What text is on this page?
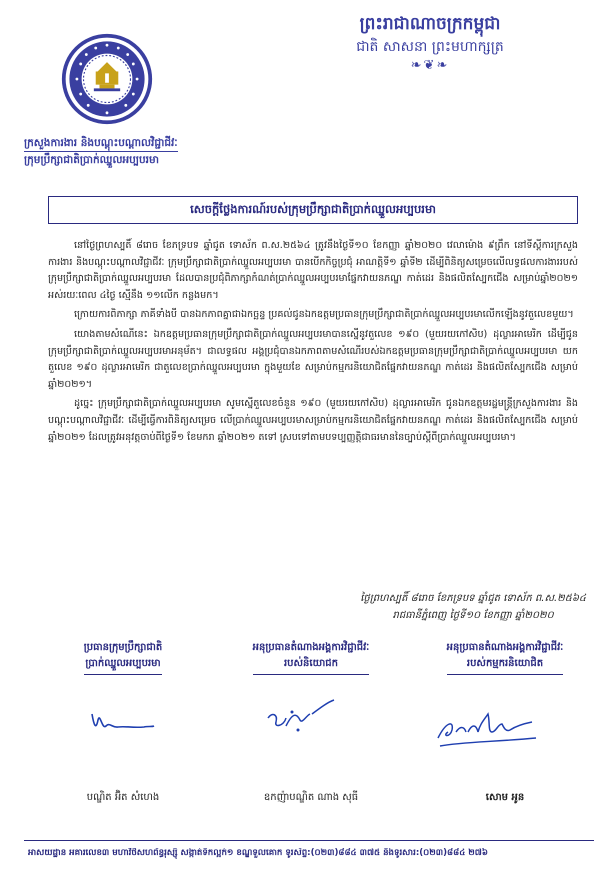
ព្រះរាជាណាចក្រកម្ពុជា
ជាតិ សាសនា ព្រះមហាក្សត្រ
❧❦❧
ក្រសួងការងារ និងបណ្តុះបណ្តាលវិជ្ជាជីវៈ
ក្រុមប្រឹក្សាជាតិប្រាក់ឈ្នួលអប្បបរមា
សេចក្តីថ្លែងការណ៍របស់ក្រុមប្រឹក្សាជាតិប្រាក់ឈ្នួលអប្បបរមា

នៅថ្ងៃព្រហស្បតិ៍ ៨រោច ខែភទ្របទ ឆ្នាំជូត ទោស័ក ព.ស.២៥៦៤ ត្រូវនឹងថ្ងៃទី១០ ខែកញ្ញា ឆ្នាំ២០២០ វេលាម៉ោង ៩ព្រឹក នៅទីស្តីការក្រសួងការងារ និងបណ្តុះបណ្តាលវិជ្ជាជីវៈ ក្រុមប្រឹក្សាជាតិប្រាក់ឈ្នួលអប្បបរមា បានបើកកិច្ចប្រជុំ អាណត្តិទី១ ឆ្នាំទី២ ដើម្បីពិនិត្យសម្រេចលើលទ្ធផលការងាររបស់ក្រុមប្រឹក្សាជាតិប្រាក់ឈ្នួលអប្បបរមា ដែលបានប្រជុំពិភាក្សាកំណត់ប្រាក់ឈ្នួលអប្បបរមាផ្នែកវាយនភណ្ឌ កាត់ដេរ និងផលិតស្បែកជើង សម្រាប់ឆ្នាំ២០២១ អស់រយៈពេល ៤ថ្ងៃ ស្មើនឹង ១១លើក កន្លងមក។

ក្រោយការពិភាក្សា ភាគីទាំងបី បានឯកភាពគ្នាជាឯកច្ឆន្ទ ប្រគល់ជូនឯកឧត្តមប្រធានក្រុមប្រឹក្សាជាតិប្រាក់ឈ្នួលអប្បបរមាលើកឡើងនូវតួលេខមួយ។

យោងតាមសំណើនេះ ឯកឧត្តមប្រធានក្រុមប្រឹក្សាជាតិប្រាក់ឈ្នួលអប្បបរមាបានស្នើនូវតួលេខ ១៩០ (មួយរយកៅសិប) ដុល្លារអាមេរិក ដើម្បីជូនក្រុមប្រឹក្សាជាតិប្រាក់ឈ្នួលអប្បបរមាអនុម័ត។ ជាលទ្ធផល អង្គប្រជុំបានឯកភាពតាមសំណើរបស់ឯកឧត្តមប្រធានក្រុមប្រឹក្សាជាតិប្រាក់ឈ្នួលអប្បបរមា យកតួលេខ ១៩០ ដុល្លារអាមេរិក ជាតួលេខប្រាក់ឈ្នួលអប្បបរមា ក្នុងមួយខែ សម្រាប់កម្មករនិយោជិតផ្នែកវាយនភណ្ឌ កាត់ដេរ និងផលិតស្បែកជើង សម្រាប់ឆ្នាំ២០២១។

ដូច្នេះ ក្រុមប្រឹក្សាជាតិប្រាក់ឈ្នួលអប្បបរមា សូមស្នើតួលេខចំនួន ១៩០ (មួយរយកៅសិប) ដុល្លារអាមេរិក ជូនឯកឧត្តមរដ្ឋមន្ត្រីក្រសួងការងារ និងបណ្តុះបណ្តាលវិជ្ជាជីវៈ ដើម្បីធ្វើការពិនិត្យសម្រេច លើប្រាក់ឈ្នួលអប្បបរមាសម្រាប់កម្មករនិយោជិតផ្នែកវាយនភណ្ឌ កាត់ដេរ និងផលិតស្បែកជើង សម្រាប់ឆ្នាំ២០២១ ដែលត្រូវអនុវត្តចាប់ពីថ្ងៃទី១ ខែមករា ឆ្នាំ២០២១ តទៅ ស្របទៅតាមបទប្បញ្ញត្តិជាធរមាននៃច្បាប់ស្តីពីប្រាក់ឈ្នួលអប្បបរមា។

ថ្ងៃព្រហស្បតិ៍ ៨រោច ខែភទ្របទ ឆ្នាំជូត ទោស័ក ព.ស.២៥៦៤
រាជធានីភ្នំពេញ ថ្ងៃទី១០ ខែកញ្ញា ឆ្នាំ២០២០
ប្រធានក្រុមប្រឹក្សាជាតិ
ប្រាក់ឈ្នួលអប្បបរមា
អនុប្រធានតំណាងអង្គការវិជ្ជាជីវៈ
របស់និយោជក
អនុប្រធានតំណាងអង្គការវិជ្ជាជីវៈ
របស់កម្មករនិយោជិត
បណ្ឌិត អ៊ិត សំហេង	ឧកញ៉ាបណ្ឌិត ណាង សុធី	សោម អូន
អាសយដ្ឋាន អគារលេខ៣ មហាវិថីសហព័ន្ធរុស្ស៊ី សង្កាត់ទឹកល្អក់១ ខណ្ឌទួលគោក ទូរស័ព្ទ:(០២៣)៨៨៤ ៣៧៥ និងទូរសារ:(០២៣)៨៨៤ ២៧៦
